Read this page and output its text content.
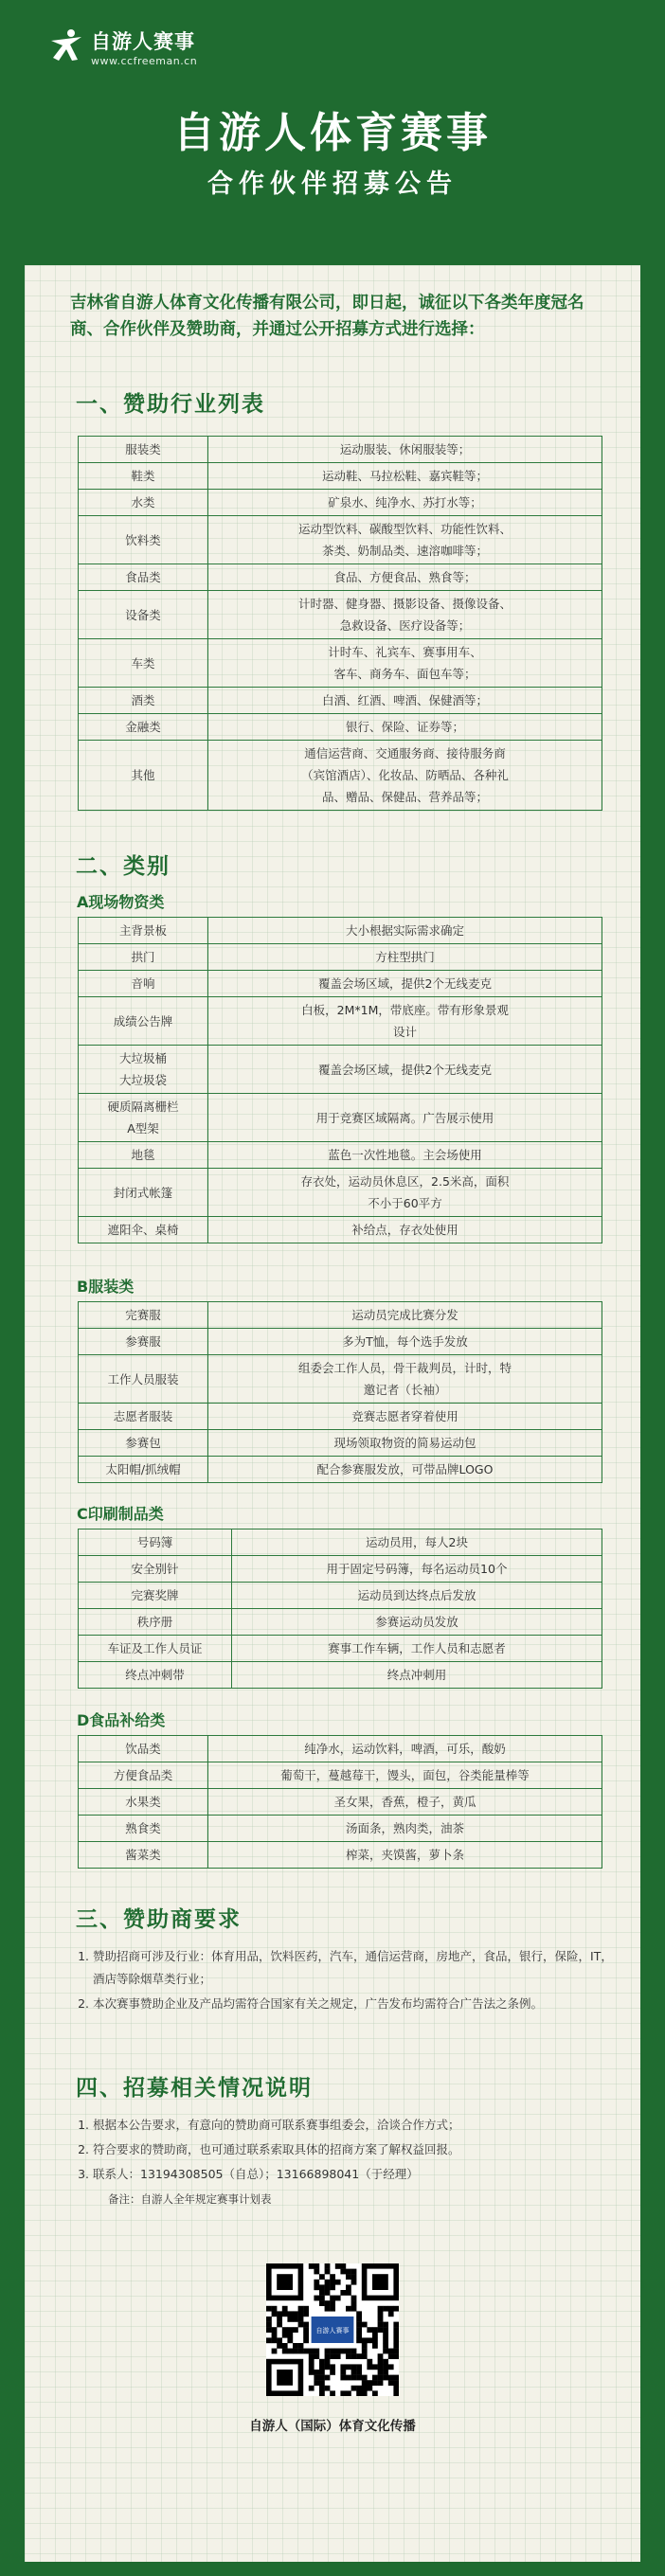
自游人赛事
www.ccfreeman.cn
自游人体育赛事
合作伙伴招募公告
吉林省自游人体育文化传播有限公司，即日起，诚征以下各类年度冠名商、合作伙伴及赞助商，并通过公开招募方式进行选择：
一、赞助行业列表
服装类	运动服装、休闲服装等；
鞋类	运动鞋、马拉松鞋、嘉宾鞋等；
水类	矿泉水、纯净水、苏打水等；
饮料类	运动型饮料、碳酸型饮料、功能性饮料、
茶类、奶制品类、速溶咖啡等；
食品类	食品、方便食品、熟食等；
设备类	计时器、健身器、摄影设备、摄像设备、
急救设备、医疗设备等；
车类	计时车、礼宾车、赛事用车、
客车、商务车、面包车等；
酒类	白酒、红酒、啤酒、保健酒等；
金融类	银行、保险、证券等；
其他	通信运营商、交通服务商、接待服务商
（宾馆酒店）、化妆品、防晒品、各种礼
品、赠品、保健品、营养品等；
二、类别
A现场物资类
主背景板	大小根据实际需求确定
拱门	方柱型拱门
音响	覆盖会场区域，提供2个无线麦克
成绩公告牌	白板，2M*1M，带底座。带有形象景观
设计
大垃圾桶
大垃圾袋	覆盖会场区域，提供2个无线麦克
硬质隔离栅栏
A型架	用于竞赛区域隔离。广告展示使用
地毯	蓝色一次性地毯。主会场使用
封闭式帐篷	存衣处，运动员休息区，2.5米高，面积
不小于60平方
遮阳伞、桌椅	补给点，存衣处使用
B服装类
完赛服	运动员完成比赛分发
参赛服	多为T恤，每个选手发放
工作人员服装	组委会工作人员，骨干裁判员，计时，特
邀记者（长袖）
志愿者服装	竞赛志愿者穿着使用
参赛包	现场领取物资的简易运动包
太阳帽/抓绒帽	配合参赛服发放，可带品牌LOGO
C印刷制品类
号码簿	运动员用，每人2块
安全别针	用于固定号码簿，每名运动员10个
完赛奖牌	运动员到达终点后发放
秩序册	参赛运动员发放
车证及工作人员证	赛事工作车辆，工作人员和志愿者
终点冲刺带	终点冲刺用
D食品补给类
饮品类	纯净水，运动饮料，啤酒，可乐，酸奶
方便食品类	葡萄干，蔓越莓干，馒头，面包，谷类能量棒等
水果类	圣女果，香蕉，橙子，黄瓜
熟食类	汤面条，熟肉类，油茶
酱菜类	榨菜，夹馍酱，萝卜条
三、赞助商要求
1. 赞助招商可涉及行业：体育用品，饮料医药，汽车，通信运营商，房地产，食品，银行，保险，IT，酒店等除烟草类行业；
2. 本次赛事赞助企业及产品均需符合国家有关之规定，广告发布均需符合广告法之条例。
四、招募相关情况说明
1. 根据本公告要求，有意向的赞助商可联系赛事组委会，洽谈合作方式；
2. 符合要求的赞助商，也可通过联系索取具体的招商方案了解权益回报。
3. 联系人：13194308505（自总）；13166898041（于经理）
备注：自游人全年规定赛事计划表
自游人赛事
自游人（国际）体育文化传播
